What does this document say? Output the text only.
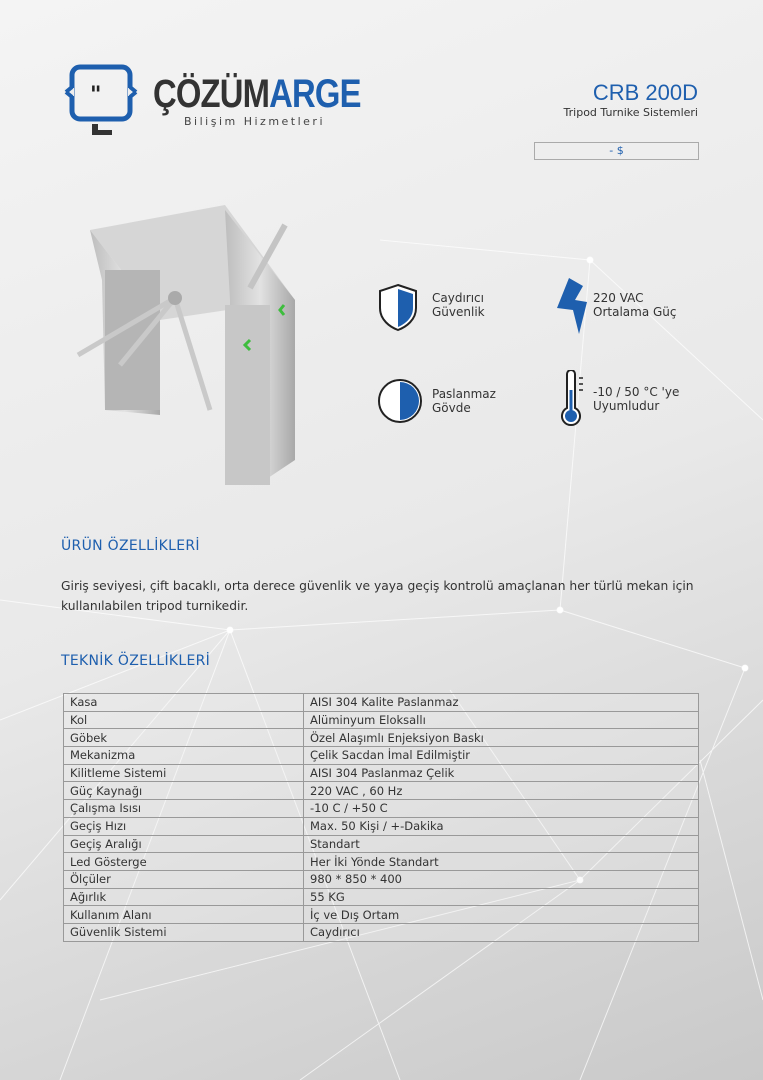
" ÇÖZÜMARGE
Bilişim Hizmetleri
CRB 200D
Tripod Turnike Sistemleri
- $
Caydırıcı
Güvenlik
220 VAC
Ortalama Güç
Paslanmaz
Gövde
-10 / 50 °C 'ye
Uyumludur
ÜRÜN ÖZELLİKLERİ
Giriş seviyesi, çift bacaklı, orta derece güvenlik ve yaya geçiş kontrolü amaçlanan her türlü mekan için kullanılabilen tripod turnikedir.
TEKNİK ÖZELLİKLERİ
Kasa	AISI 304 Kalite Paslanmaz
Kol	Alüminyum Eloksallı
Göbek	Özel Alaşımlı Enjeksiyon Baskı
Mekanizma	Çelik Sacdan İmal Edilmiştir
Kilitleme Sistemi	AISI 304 Paslanmaz Çelik
Güç Kaynağı	220 VAC , 60 Hz
Çalışma Isısı	-10 C / +50 C
Geçiş Hızı	Max. 50 Kişi / +-Dakika
Geçiş Aralığı	Standart
Led Gösterge	Her İki Yönde Standart
Ölçüler	980 * 850 * 400
Ağırlık	55 KG
Kullanım Alanı	İç ve Dış Ortam
Güvenlik Sistemi	Caydırıcı
